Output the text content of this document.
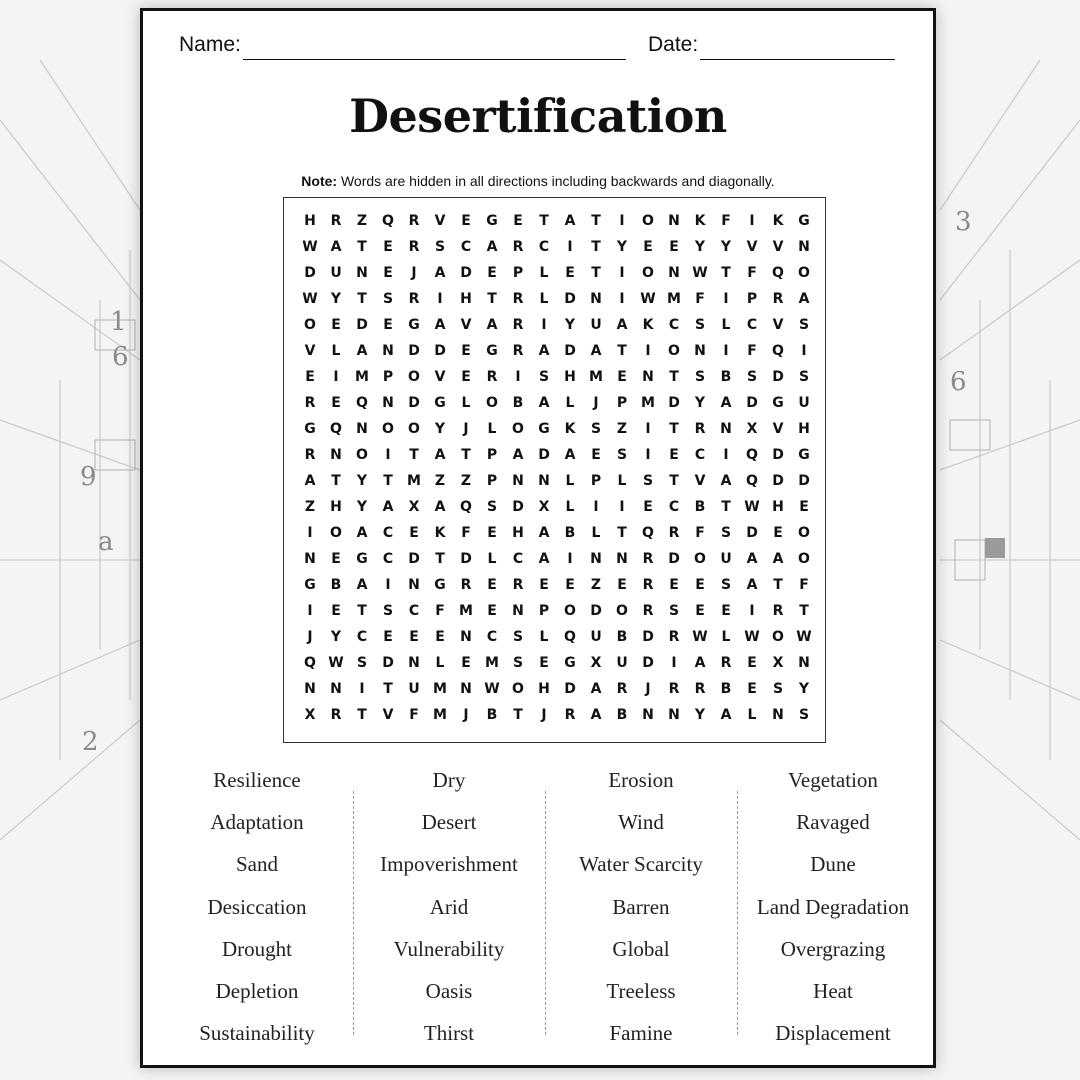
1
6
a
9
3
6
2
Name:	Date:
Desertification
Note: Words are hidden in all directions including backwards and diagonally.
H	R	Z	Q	R	V	E	G	E	T	A	T	I	O	N	K	F	I	K	G
W A	T	E	R	S	C	A	R	C	I	T	Y	E	E	Y	Y	V	V	N
D	U	N	E	J	A	D	E	P	L	E	T	I	O	N W T	F	Q	O
W Y	T	S	R	I	H	T	R	L	D	N	I	W M	F	I	P	R	A
O	E	D	E	G	A	V	A	R	I	Y	U	A	K	C	S	L	C	V	S
V	L	A	N	D	D	E	G	R	A	D	A	T	I	O	N	I	F	Q	I
E	I	M P	O	V	E	R	I	S	H M	E	N	T	S	B	S	D	S
R	E	Q	N	D	G	L	O	B	A	L	J	P M D	Y	A	D	G	U
G	Q	N	O	O	Y	J	L	O	G	K	S	Z	I	T	R	N	X	V	H
R	N	O	I	T	A	T	P	A	D	A	E	S	I	E	C	I	Q	D	G
A	T	Y	T	M Z	Z	P	N	N	L	P	L	S	T	V	A	Q	D	D
Z	H	Y	A	X	A	Q	S	D	X	L	I	I	E	C	B	T W H	E
I	O	A	C	E	K	F	E	H	A	B	L	T	Q	R	F	S	D	E	O
N	E	G	C	D	T	D	L	C	A	I	N	N	R	D	O	U	A	A	O
G	B	A	I	N	G	R	E	R	E	E	Z	E	R	E	E	S	A	T	F
I	E	T	S	C	F	M	E	N	P	O	D	O	R	S	E	E	I	R	T
J	Y	C	E	E	E	N	C	S	L	Q	U	B	D	R W L W O W
Q W S	D	N	L	E	M S	E	G	X	U	D	I	A	R	E	X	N
N	N	I	T	U M N W O	H	D	A	R	J	R	R	B	E	S	Y
X	R	T	V	F	M	J	B	T	J	R	A	B	N	N	Y	A	L	N	S
Resilience
Adaptation
Sand
Desiccation
Drought
Depletion
Sustainability
Dry
Desert
Impoverishment
Arid
Vulnerability
Oasis
Thirst
Erosion
Wind
Water Scarcity
Barren
Global
Treeless
Famine
Vegetation
Ravaged
Dune
Land Degradation
Overgrazing
Heat
Displacement
